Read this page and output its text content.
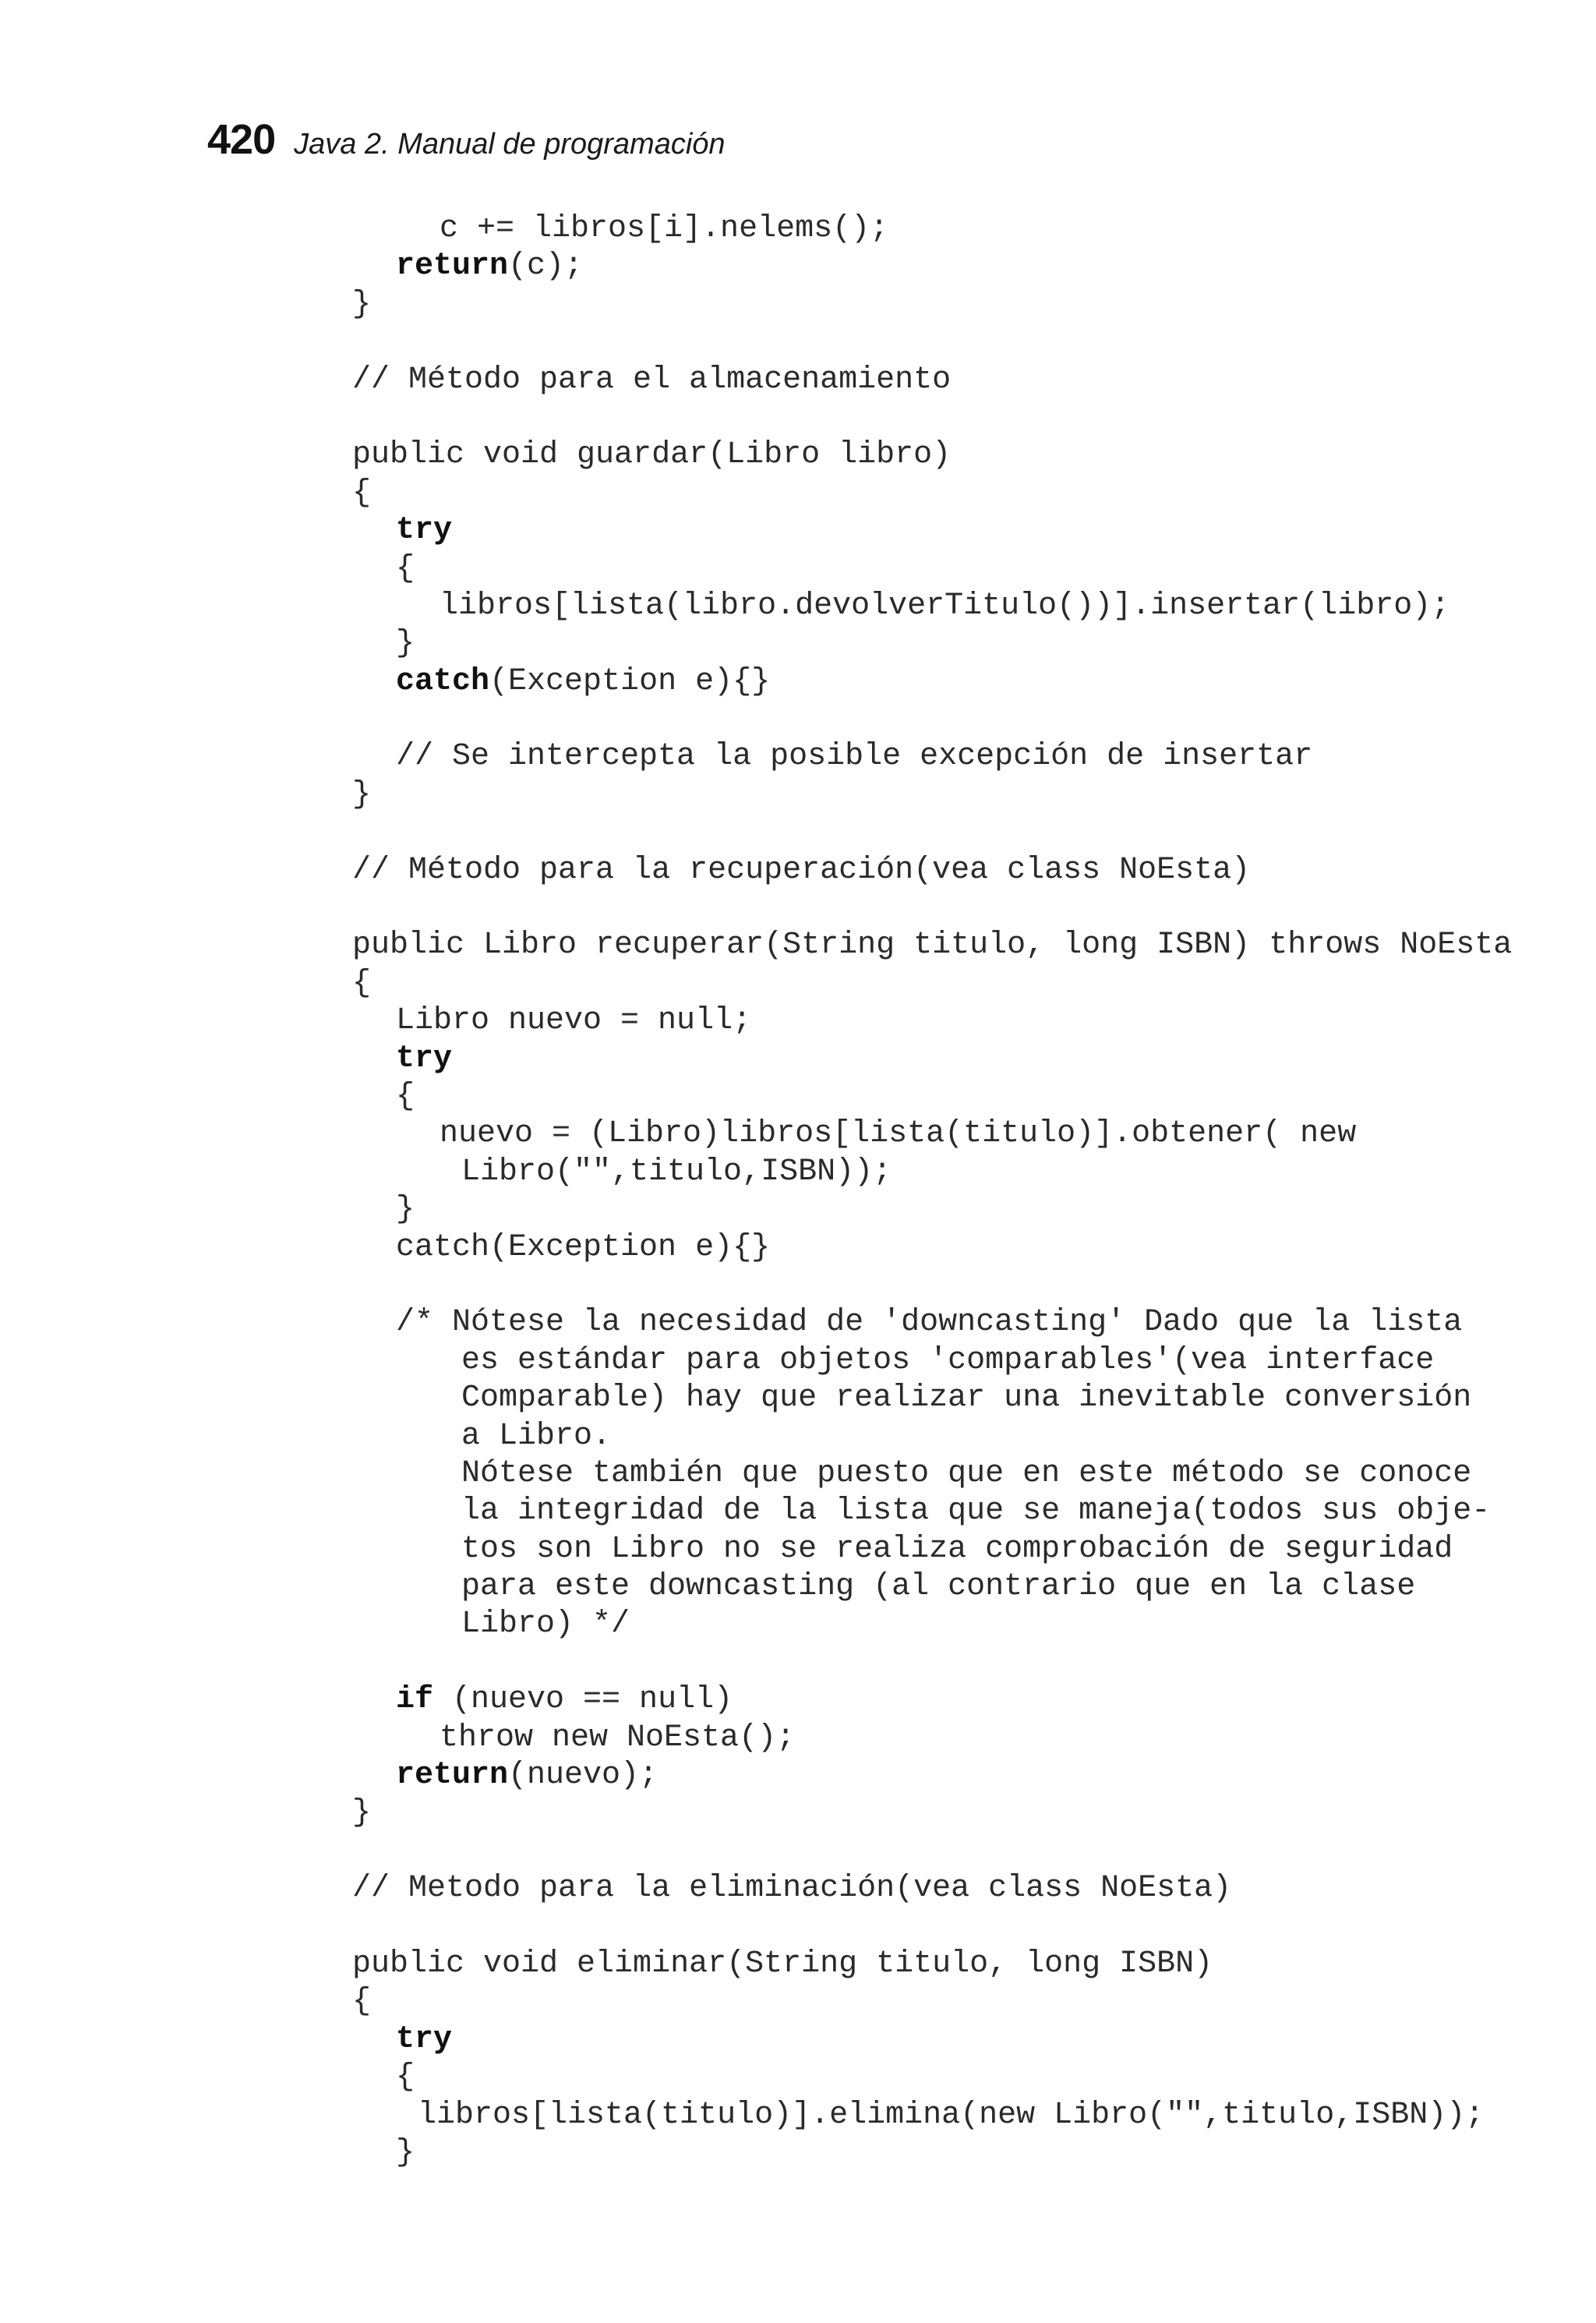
420 Java 2. Manual de programación
c += libros[i].nelems();
return(c);
}
// Método para el almacenamiento
public void guardar(Libro libro)
{
try
{
libros[lista(libro.devolverTitulo())].insertar(libro);
}
catch(Exception e){}
// Se intercepta la posible excepción de insertar
}
// Método para la recuperación(vea class NoEsta)
public Libro recuperar(String titulo, long ISBN) throws NoEsta
{
Libro nuevo = null;
try
{
nuevo = (Libro)libros[lista(titulo)].obtener( new
Libro("",titulo,ISBN));
}
catch(Exception e){}
/* Nótese la necesidad de 'downcasting' Dado que la lista
es estándar para objetos 'comparables'(vea interface
Comparable) hay que realizar una inevitable conversión
a Libro.
Nótese también que puesto que en este método se conoce
la integridad de la lista que se maneja(todos sus obje-
tos son Libro no se realiza comprobación de seguridad
para este downcasting (al contrario que en la clase
Libro) */
if (nuevo == null)
throw new NoEsta();
return(nuevo);
}
// Metodo para la eliminación(vea class NoEsta)
public void eliminar(String titulo, long ISBN)
{
try
{
libros[lista(titulo)].elimina(new Libro("",titulo,ISBN));
}
